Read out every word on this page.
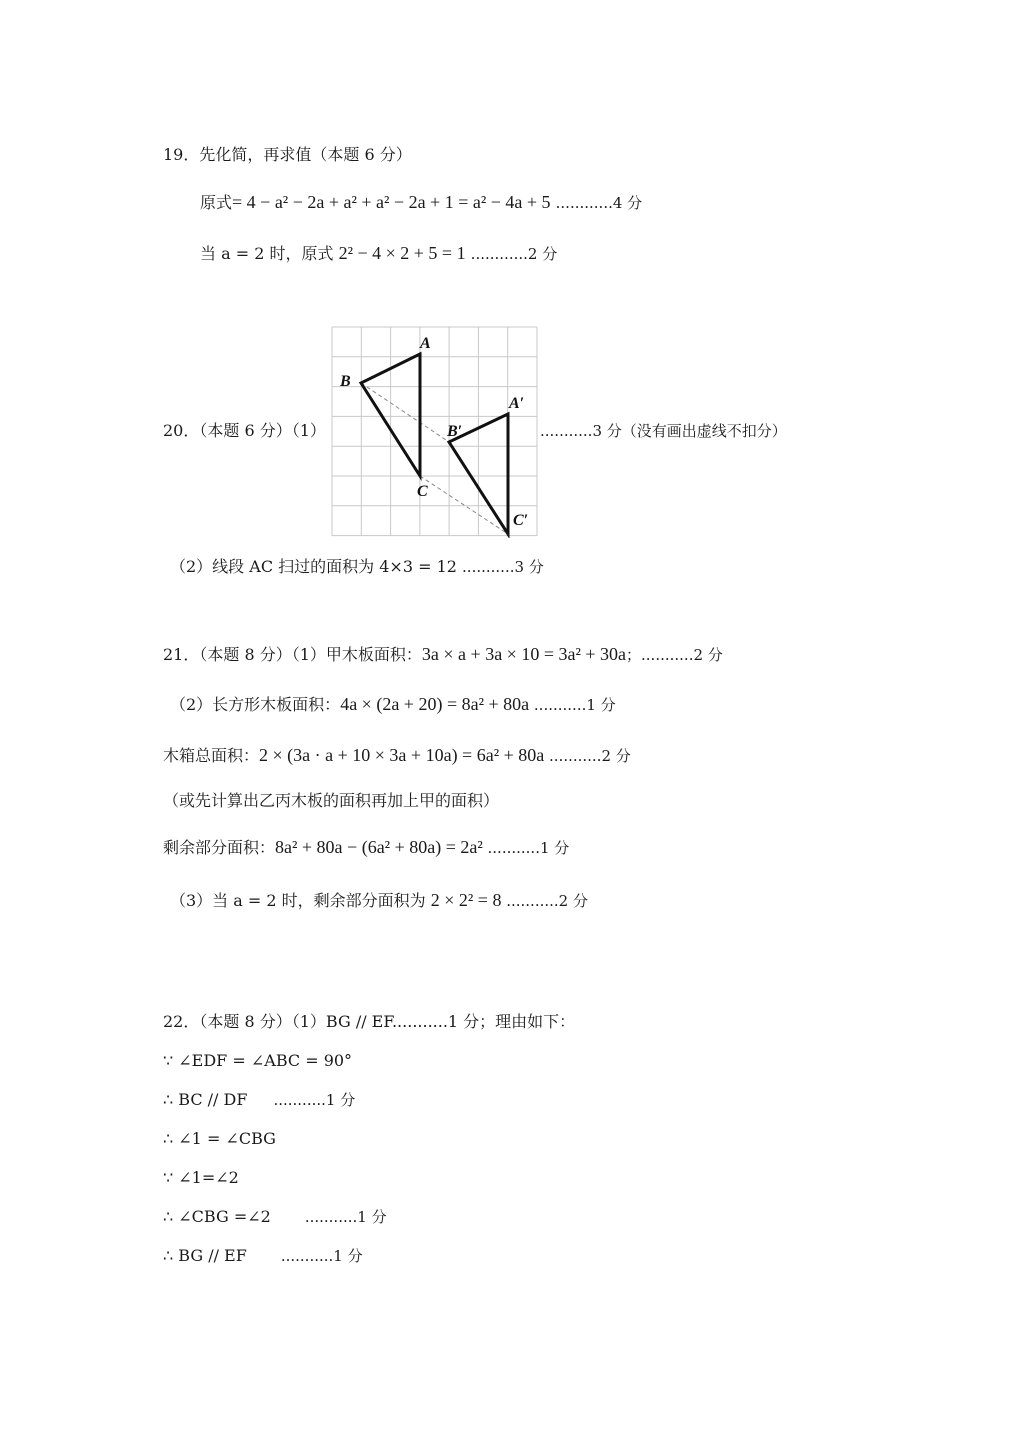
19．先化简，再求值（本题 6 分）
原式= 4 − a² − 2a + a² + a² − 2a + 1 = a² − 4a + 5 ............4 分
当 a = 2 时，原式 2² − 4 × 2 + 5 = 1 ............2 分
20．（本题 6 分）（1）
A
B
C
A′
B′
C′
...........3 分（没有画出虚线不扣分）
（2）线段 AC 扫过的面积为 4×3 = 12 ...........3 分
21．（本题 8 分）（1）甲木板面积：3a × a + 3a × 10 = 3a² + 30a；...........2 分
（2）长方形木板面积：4a × (2a + 20) = 8a² + 80a ...........1 分
木箱总面积：2 × (3a · a + 10 × 3a + 10a) = 6a² + 80a ...........2 分
（或先计算出乙丙木板的面积再加上甲的面积）
剩余部分面积：8a² + 80a − (6a² + 80a) = 2a² ...........1 分
（3）当 a = 2 时，剩余部分面积为 2 × 2² = 8 ...........2 分
22．（本题 8 分）（1）BG // EF...........1 分；理由如下：
∵ ∠EDF = ∠ABC = 90°
∴ BC // DF ...........1 分
∴ ∠1 = ∠CBG
∵ ∠1=∠2
∴ ∠CBG =∠2 ...........1 分
∴ BG // EF ...........1 分
